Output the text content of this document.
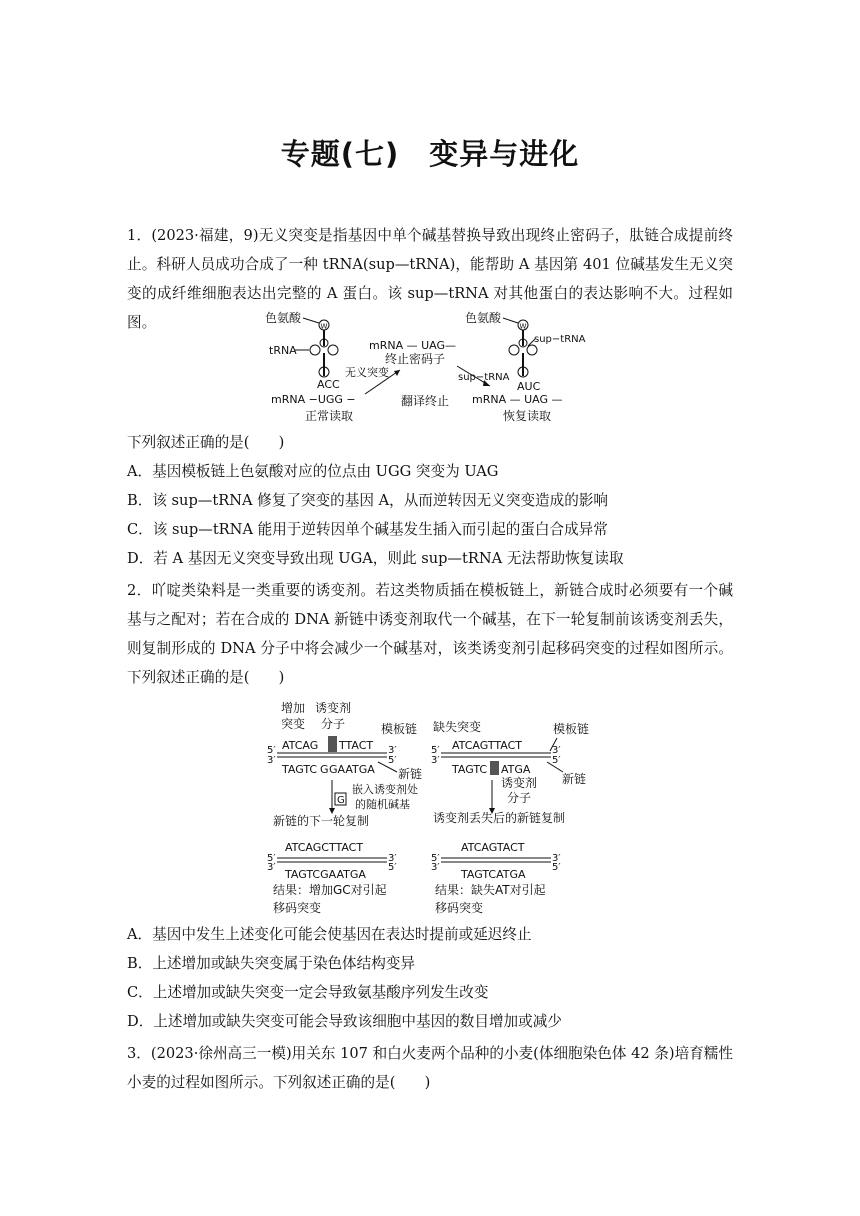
专题(七)　变异与进化
1．(2023·福建，9)无义突变是指基因中单个碱基替换导致出现终止密码子，肽链合成提前终止。科研人员成功合成了一种 tRNA(sup—tRNA)，能帮助 A 基因第 401 位碱基发生无义突变的成纤维细胞表达出完整的 A 蛋白。该 sup—tRNA 对其他蛋白的表达影响不大。过程如图。	色氨酸
W
tRNA
ACC
mRNA −UGG −
正常读取
mRNA — UAG—
终止密码子
无义突变	sup−tRNA
翻译终止
色氨酸
W
sup−tRNA
AUC
mRNA — UAG —
恢复读取
下列叙述正确的是(　　)
A．基因模板链上色氨酸对应的位点由 UGG 突变为 UAG
B．该 sup—tRNA 修复了突变的基因 A，从而逆转因无义突变造成的影响
C．该 sup—tRNA 能用于逆转因单个碱基发生插入而引起的蛋白合成异常
D．若 A 基因无义突变导致出现 UGA，则此 sup—tRNA 无法帮助恢复读取
2．吖啶类染料是一类重要的诱变剂。若这类物质插在模板链上，新链合成时必须要有一个碱基与之配对；若在合成的 DNA 新链中诱变剂取代一个碱基，在下一轮复制前该诱变剂丢失，则复制形成的 DNA 分子中将会减少一个碱基对，该类诱变剂引起移码突变的过程如图所示。下列叙述正确的是(　　)
增加
突变
诱变剂
分子	模板链 缺失突变	模板链
5′
3′
ATCAG TTACT 3′
5′
TAGTC G GAATGA 新链
5′
3′
ATCAGTTACT	3′
5′
TAGTC ATGA
新链
诱变剂
分子
G
嵌入诱变剂处
的随机碱基
新链的下一轮复制	诱变剂丢失后的新链复制
ATCAGCTTACT
5′
3′
3′
5′
TAGTCGAATGA
结果：增加GC对引起
移码突变
ATCAGTACT
5′
3′
3′
5′
TAGTCATGA
结果：缺失AT对引起
移码突变
A．基因中发生上述变化可能会使基因在表达时提前或延迟终止
B．上述增加或缺失突变属于染色体结构变异
C．上述增加或缺失突变一定会导致氨基酸序列发生改变
D．上述增加或缺失突变可能会导致该细胞中基因的数目增加或减少
3．(2023·徐州高三一模)用关东 107 和白火麦两个品种的小麦(体细胞染色体 42 条)培育糯性小麦的过程如图所示。下列叙述正确的是(　　)
